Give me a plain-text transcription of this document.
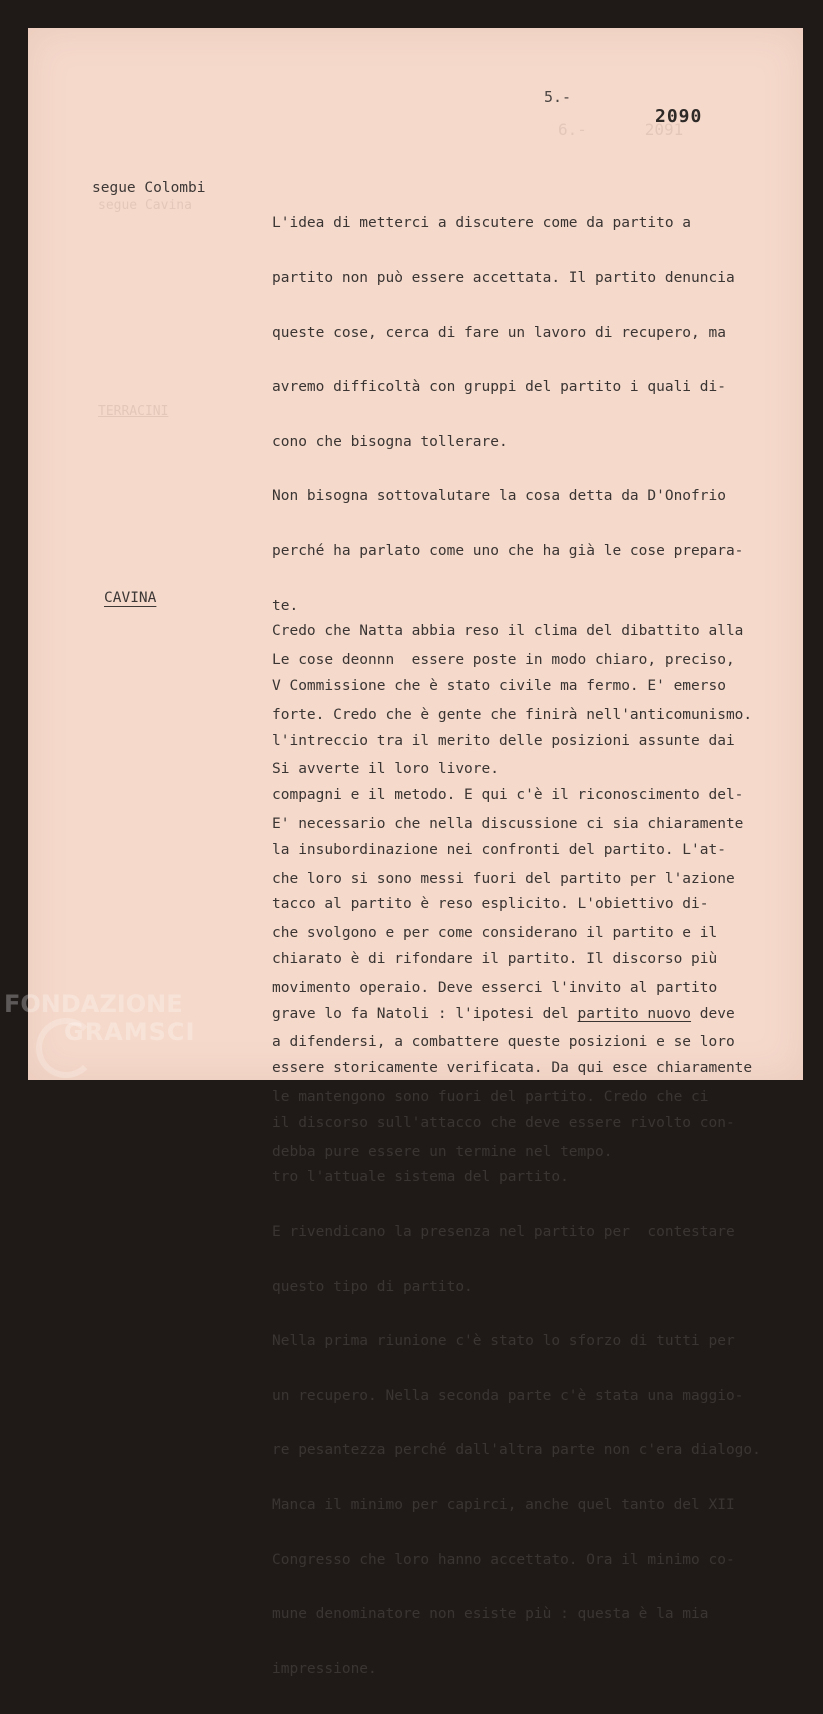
6.-      2091
segue Cavina
TERRACINI
5.-
2090
segue Colombi

L'idea di metterci a discutere come da partito a

partito non può essere accettata. Il partito denuncia

queste cose, cerca di fare un lavoro di recupero, ma

avremo difficoltà con gruppi del partito i quali di-

cono che bisogna tollerare.

Non bisogna sottovalutare la cosa detta da D'Onofrio

perché ha parlato come uno che ha già le cose prepara-

te.

Le cose deonnn  essere poste in modo chiaro, preciso,

forte. Credo che è gente che finirà nell'anticomunismo.

Si avverte il loro livore.

E' necessario che nella discussione ci sia chiaramente

che loro si sono messi fuori del partito per l'azione

che svolgono e per come considerano il partito e il

movimento operaio. Deve esserci l'invito al partito

a difendersi, a combattere queste posizioni e se loro

le mantengono sono fuori del partito. Credo che ci

debba pure essere un termine nel tempo.

CAVINA

Credo che Natta abbia reso il clima del dibattito alla

V Commissione che è stato civile ma fermo. E' emerso

l'intreccio tra il merito delle posizioni assunte dai

compagni e il metodo. E qui c'è il riconoscimento del-

la insubordinazione nei confronti del partito. L'at-

tacco al partito è reso esplicito. L'obiettivo di-

chiarato è di rifondare il partito. Il discorso più

grave lo fa Natoli : l'ipotesi del partito nuovo deve

essere storicamente verificata. Da qui esce chiaramente

il discorso sull'attacco che deve essere rivolto con-

tro l'attuale sistema del partito.

E rivendicano la presenza nel partito per  contestare

questo tipo di partito.

Nella prima riunione c'è stato lo sforzo di tutti per

un recupero. Nella seconda parte c'è stata una maggio-

re pesantezza perché dall'altra parte non c'era dialogo.

Manca il minimo per capirci, anche quel tanto del XII

Congresso che loro hanno accettato. Ora il minimo co-

mune denominatore non esiste più : questa è la mia

impressione.

FONDAZIONE
GRAMSCI
